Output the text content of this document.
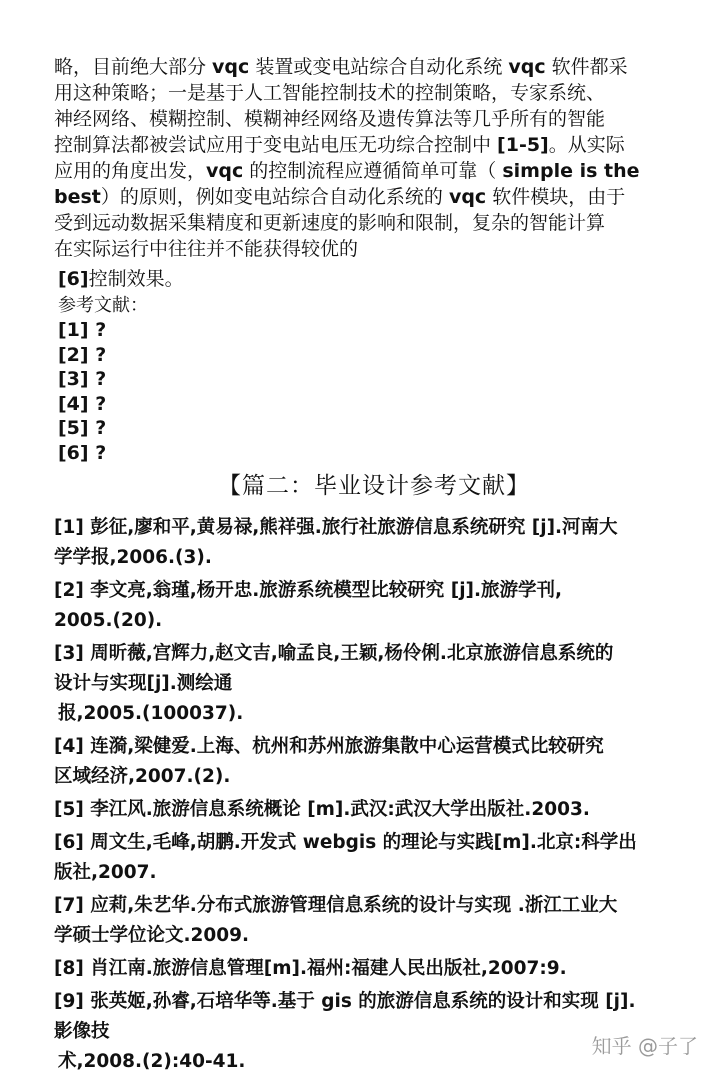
略，目前绝大部分 vqc 装置或变电站综合自动化系统 vqc 软件都采
用这种策略；一是基于人工智能控制技术的控制策略，专家系统、
神经网络、模糊控制、模糊神经网络及遗传算法等几乎所有的智能
控制算法都被尝试应用于变电站电压无功综合控制中 [1-5]。从实际
应用的角度出发，vqc 的控制流程应遵循简单可靠（ simple is the
best）的原则，例如变电站综合自动化系统的 vqc 软件模块，由于
受到远动数据采集精度和更新速度的影响和限制，复杂的智能计算
在实际运行中往往并不能获得较优的
[6]控制效果。
参考文献：
[1] ?
[2] ?
[3] ?
[4] ?
[5] ?
[6] ?
【篇二：毕业设计参考文献】
[1] 彭征,廖和平,黄易禄,熊祥强.旅行社旅游信息系统研究 [j].河南大
学学报,2006.(3).
[2] 李文亮,翁瑾,杨开忠.旅游系统模型比较研究 [j].旅游学刊,
2005.(20).
[3] 周昕薇,宫辉力,赵文吉,喻孟良,王颖,杨伶俐.北京旅游信息系统的
设计与实现[j].测绘通
报,2005.(100037).
[4] 连漪,梁健爱.上海、杭州和苏州旅游集散中心运营模式比较研究
区域经济,2007.(2).
[5] 李江风.旅游信息系统概论 [m].武汉:武汉大学出版社.2003.
[6] 周文生,毛峰,胡鹏.开发式 webgis 的理论与实践[m].北京:科学出
版社,2007.
[7] 应莉,朱艺华.分布式旅游管理信息系统的设计与实现 .浙江工业大
学硕士学位论文.2009.
[8] 肖江南.旅游信息管理[m].福州:福建人民出版社,2007:9.
[9] 张英姬,孙睿,石培华等.基于 gis 的旅游信息系统的设计和实现 [j].
影像技
术,2008.(2):40-41.
知乎 @子了
